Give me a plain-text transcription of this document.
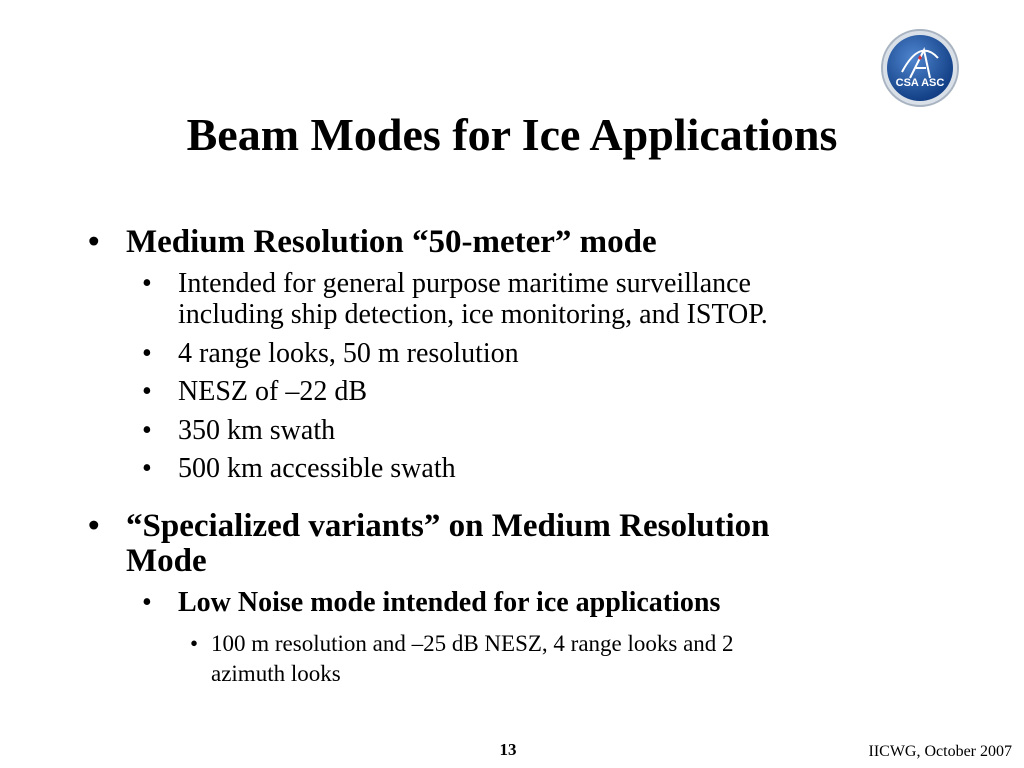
CSA ASC
Beam Modes for Ice Applications
• Medium Resolution “50-meter” mode

• Intended for general purpose maritime surveillance

including ship detection, ice monitoring, and ISTOP.

• 4 range looks, 50 m resolution

• NESZ of –22 dB

• 350 km swath

• 500 km accessible swath

• “Specialized variants” on Medium Resolution

Mode

• Low Noise mode intended for ice applications

• 100 m resolution and –25 dB NESZ, 4 range looks and 2

azimuth looks

13	IICWG, October 2007
